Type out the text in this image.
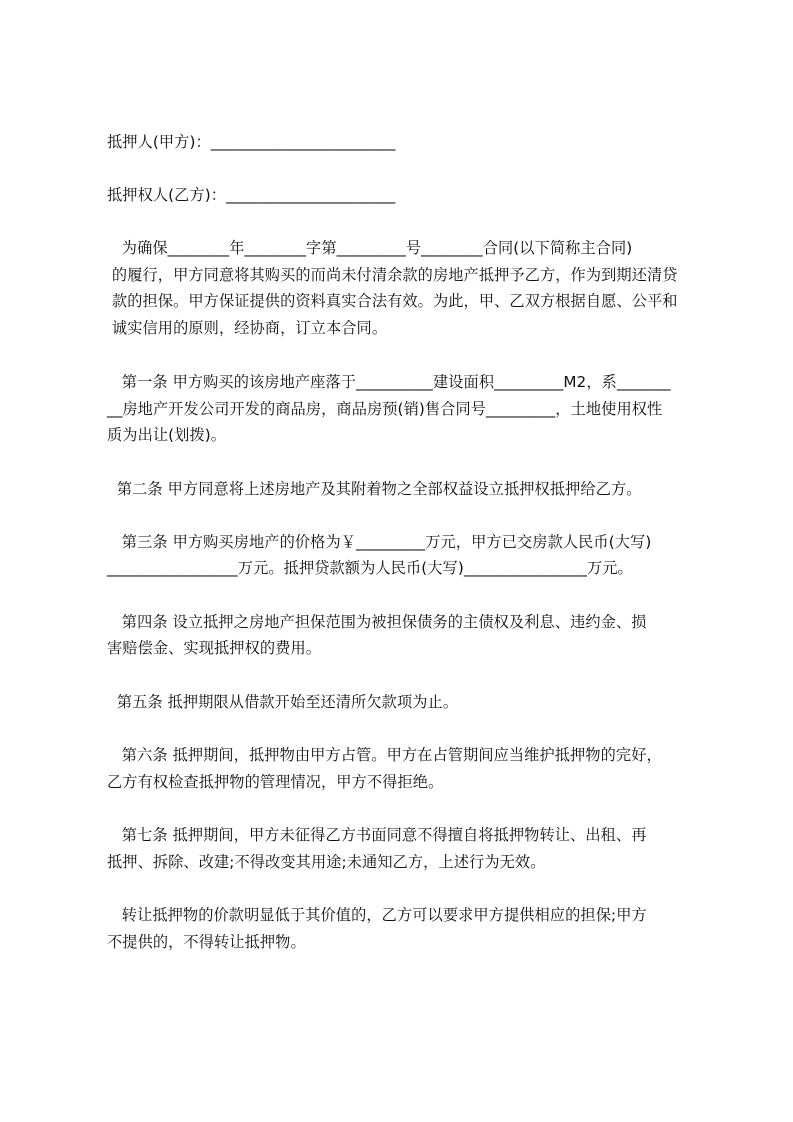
抵押人(甲方)：________________________
抵押权人(乙方)：______________________
为确保________年________字第_________号________合同(以下简称主合同)
的履行，甲方同意将其购买的而尚未付清余款的房地产抵押予乙方，作为到期还清贷
款的担保。甲方保证提供的资料真实合法有效。为此，甲、乙双方根据自愿、公平和
诚实信用的原则，经协商，订立本合同。
第一条 甲方购买的该房地产座落于__________建设面积_________M2，系_______
__房地产开发公司开发的商品房，商品房预(销)售合同号_________，土地使用权性
质为出让(划拨)。
第二条 甲方同意将上述房地产及其附着物之全部权益设立抵押权抵押给乙方。
第三条 甲方购买房地产的价格为￥_________万元，甲方已交房款人民币(大写)
_________________万元。抵押贷款额为人民币(大写)________________万元。
第四条 设立抵押之房地产担保范围为被担保债务的主债权及利息、违约金、损
害赔偿金、实现抵押权的费用。
第五条 抵押期限从借款开始至还清所欠款项为止。
第六条 抵押期间，抵押物由甲方占管。甲方在占管期间应当维护抵押物的完好，
乙方有权检查抵押物的管理情况，甲方不得拒绝。
第七条 抵押期间，甲方未征得乙方书面同意不得擅自将抵押物转让、出租、再
抵押、拆除、改建;不得改变其用途;未通知乙方，上述行为无效。
转让抵押物的价款明显低于其价值的，乙方可以要求甲方提供相应的担保;甲方
不提供的，不得转让抵押物。
